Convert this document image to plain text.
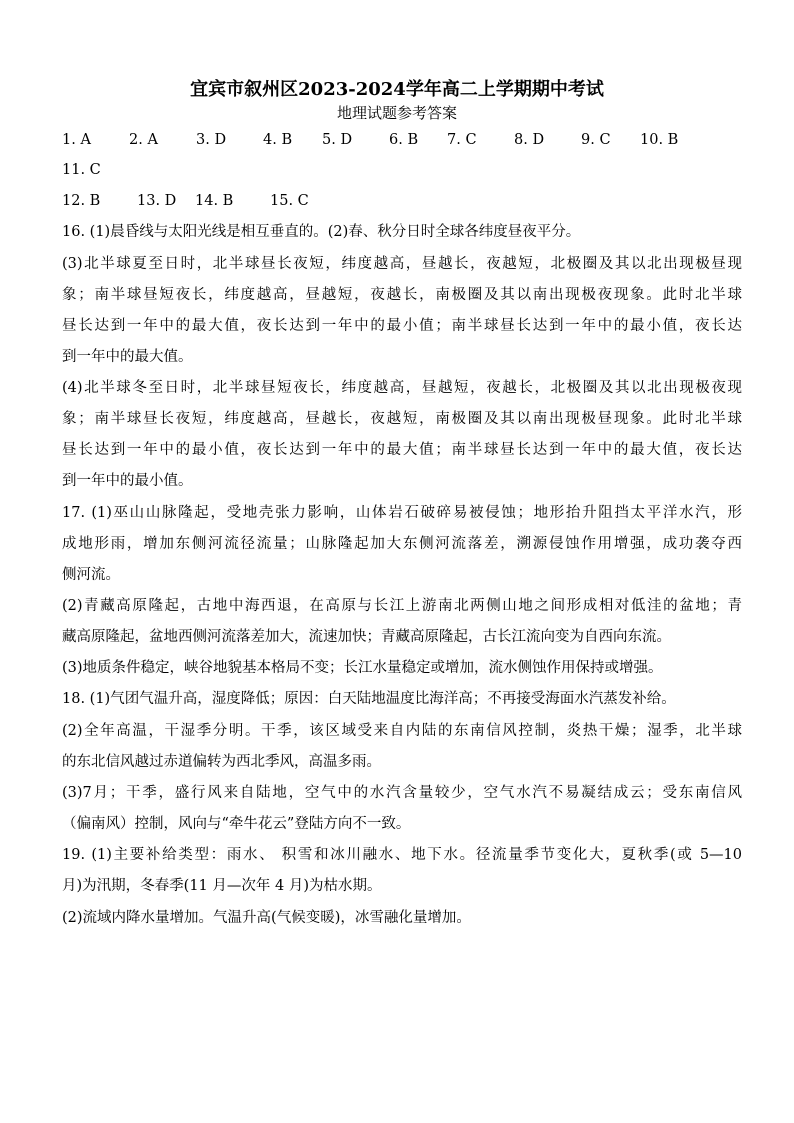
宜宾市叙州区2023-2024学年高二上学期期中考试
地理试题参考答案
1. A	2. A	3. D	4. B 5. D	6. B 7. C	8. D	9. C 10. B
11. C
12. B	13. D 14. B	15. C
16. (1)晨昏线与太阳光线是相互垂直的。(2)春、秋分日时全球各纬度昼夜平分。
(3)北半球夏至日时，北半球昼长夜短，纬度越高，昼越长，夜越短，北极圈及其以北出现极昼现
象；南半球昼短夜长，纬度越高，昼越短，夜越长，南极圈及其以南出现极夜现象。此时北半球
昼长达到一年中的最大值，夜长达到一年中的最小值；南半球昼长达到一年中的最小值，夜长达
到一年中的最大值。
(4)北半球冬至日时，北半球昼短夜长，纬度越高，昼越短，夜越长，北极圈及其以北出现极夜现
象；南半球昼长夜短，纬度越高，昼越长，夜越短，南极圈及其以南出现极昼现象。此时北半球
昼长达到一年中的最小值，夜长达到一年中的最大值；南半球昼长达到一年中的最大值，夜长达
到一年中的最小值。
17. (1)巫山山脉隆起，受地壳张力影响，山体岩石破碎易被侵蚀；地形抬升阻挡太平洋水汽，形
成地形雨，增加东侧河流径流量；山脉隆起加大东侧河流落差，溯源侵蚀作用增强，成功袭夺西
侧河流。
(2)青藏高原隆起，古地中海西退，在高原与长江上游南北两侧山地之间形成相对低洼的盆地；青
藏高原隆起，盆地西侧河流落差加大，流速加快；青藏高原隆起，古长江流向变为自西向东流。
(3)地质条件稳定，峡谷地貌基本格局不变；长江水量稳定或增加，流水侧蚀作用保持或增强。
18. (1)气团气温升高，湿度降低；原因：白天陆地温度比海洋高；不再接受海面水汽蒸发补给。
(2)全年高温，干湿季分明。干季，该区域受来自内陆的东南信风控制，炎热干燥；湿季，北半球
的东北信风越过赤道偏转为西北季风，高温多雨。
(3)7月；干季，盛行风来自陆地，空气中的水汽含量较少，空气水汽不易凝结成云；受东南信风
（偏南风）控制，风向与“牵牛花云”登陆方向不一致。
19. (1)主要补给类型：雨水、 积雪和冰川融水、地下水。径流量季节变化大，夏秋季(或 5—10
月)为汛期，冬春季(11 月—次年 4 月)为枯水期。
(2)流域内降水量增加。气温升高(气候变暖)，冰雪融化量增加。
